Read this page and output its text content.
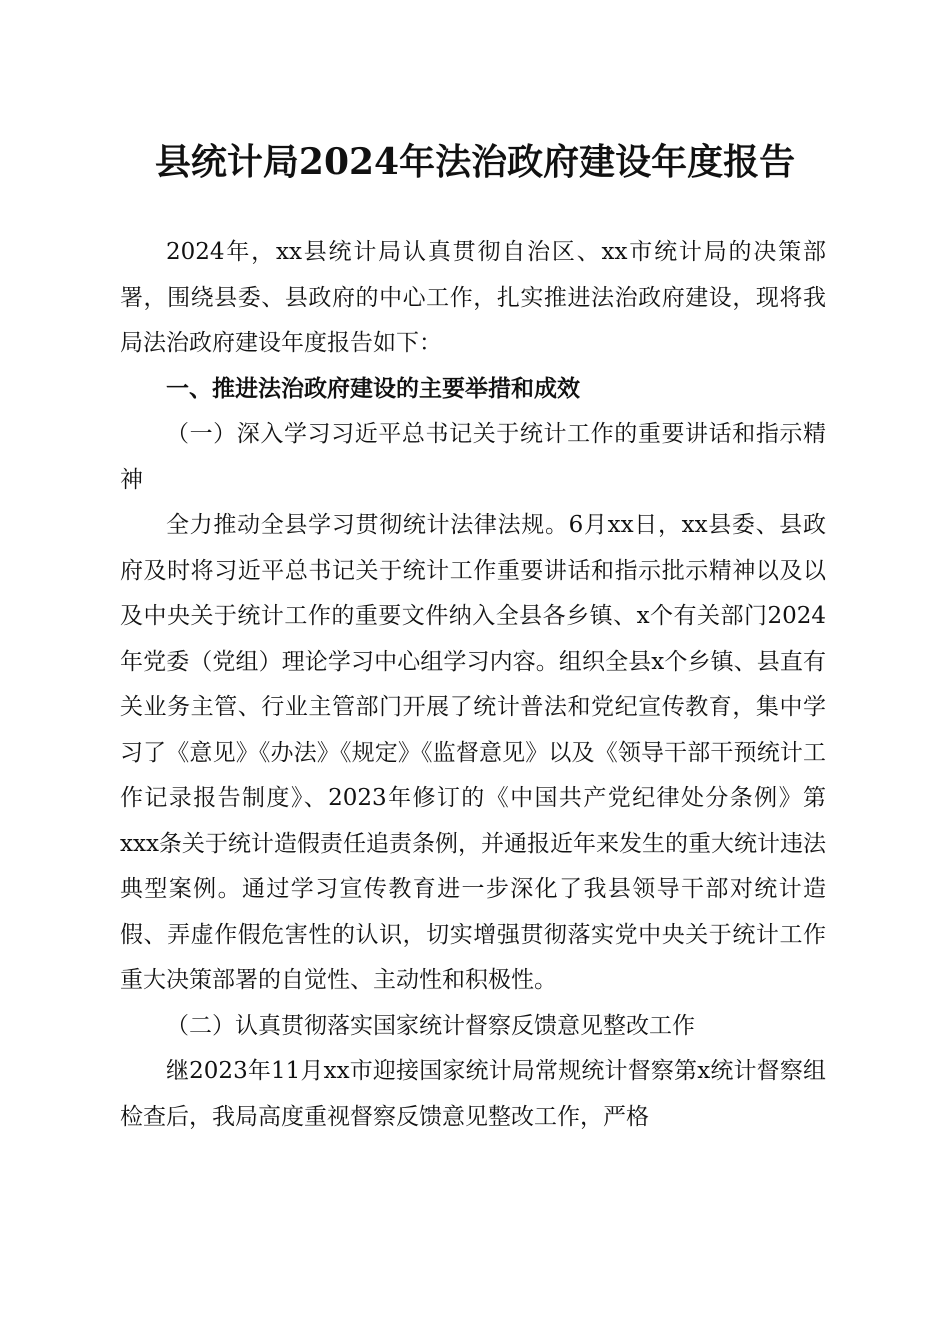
县统计局2024年法治政府建设年度报告

2024年，xx县统计局认真贯彻自治区、xx市统计局的决策部署，围绕县委、县政府的中心工作，扎实推进法治政府建设，现将我局法治政府建设年度报告如下：

一、推进法治政府建设的主要举措和成效

（一）深入学习习近平总书记关于统计工作的重要讲话和指示精神

全力推动全县学习贯彻统计法律法规。6月xx日，xx县委、县政府及时将习近平总书记关于统计工作重要讲话和指示批示精神以及以及中央关于统计工作的重要文件纳入全县各乡镇、x个有关部门2024年党委（党组）理论学习中心组学习内容。组织全县x个乡镇、县直有关业务主管、行业主管部门开展了统计普法和党纪宣传教育，集中学习了《意见》《办法》《规定》《监督意见》以及《领导干部干预统计工作记录报告制度》、2023年修订的《中国共产党纪律处分条例》第xxx条关于统计造假责任追责条例，并通报近年来发生的重大统计违法典型案例。通过学习宣传教育进一步深化了我县领导干部对统计造假、弄虚作假危害性的认识，切实增强贯彻落实党中央关于统计工作重大决策部署的自觉性、主动性和积极性。

（二）认真贯彻落实国家统计督察反馈意见整改工作

继2023年11月xx市迎接国家统计局常规统计督察第x统计督察组检查后，我局高度重视督察反馈意见整改工作，严格
